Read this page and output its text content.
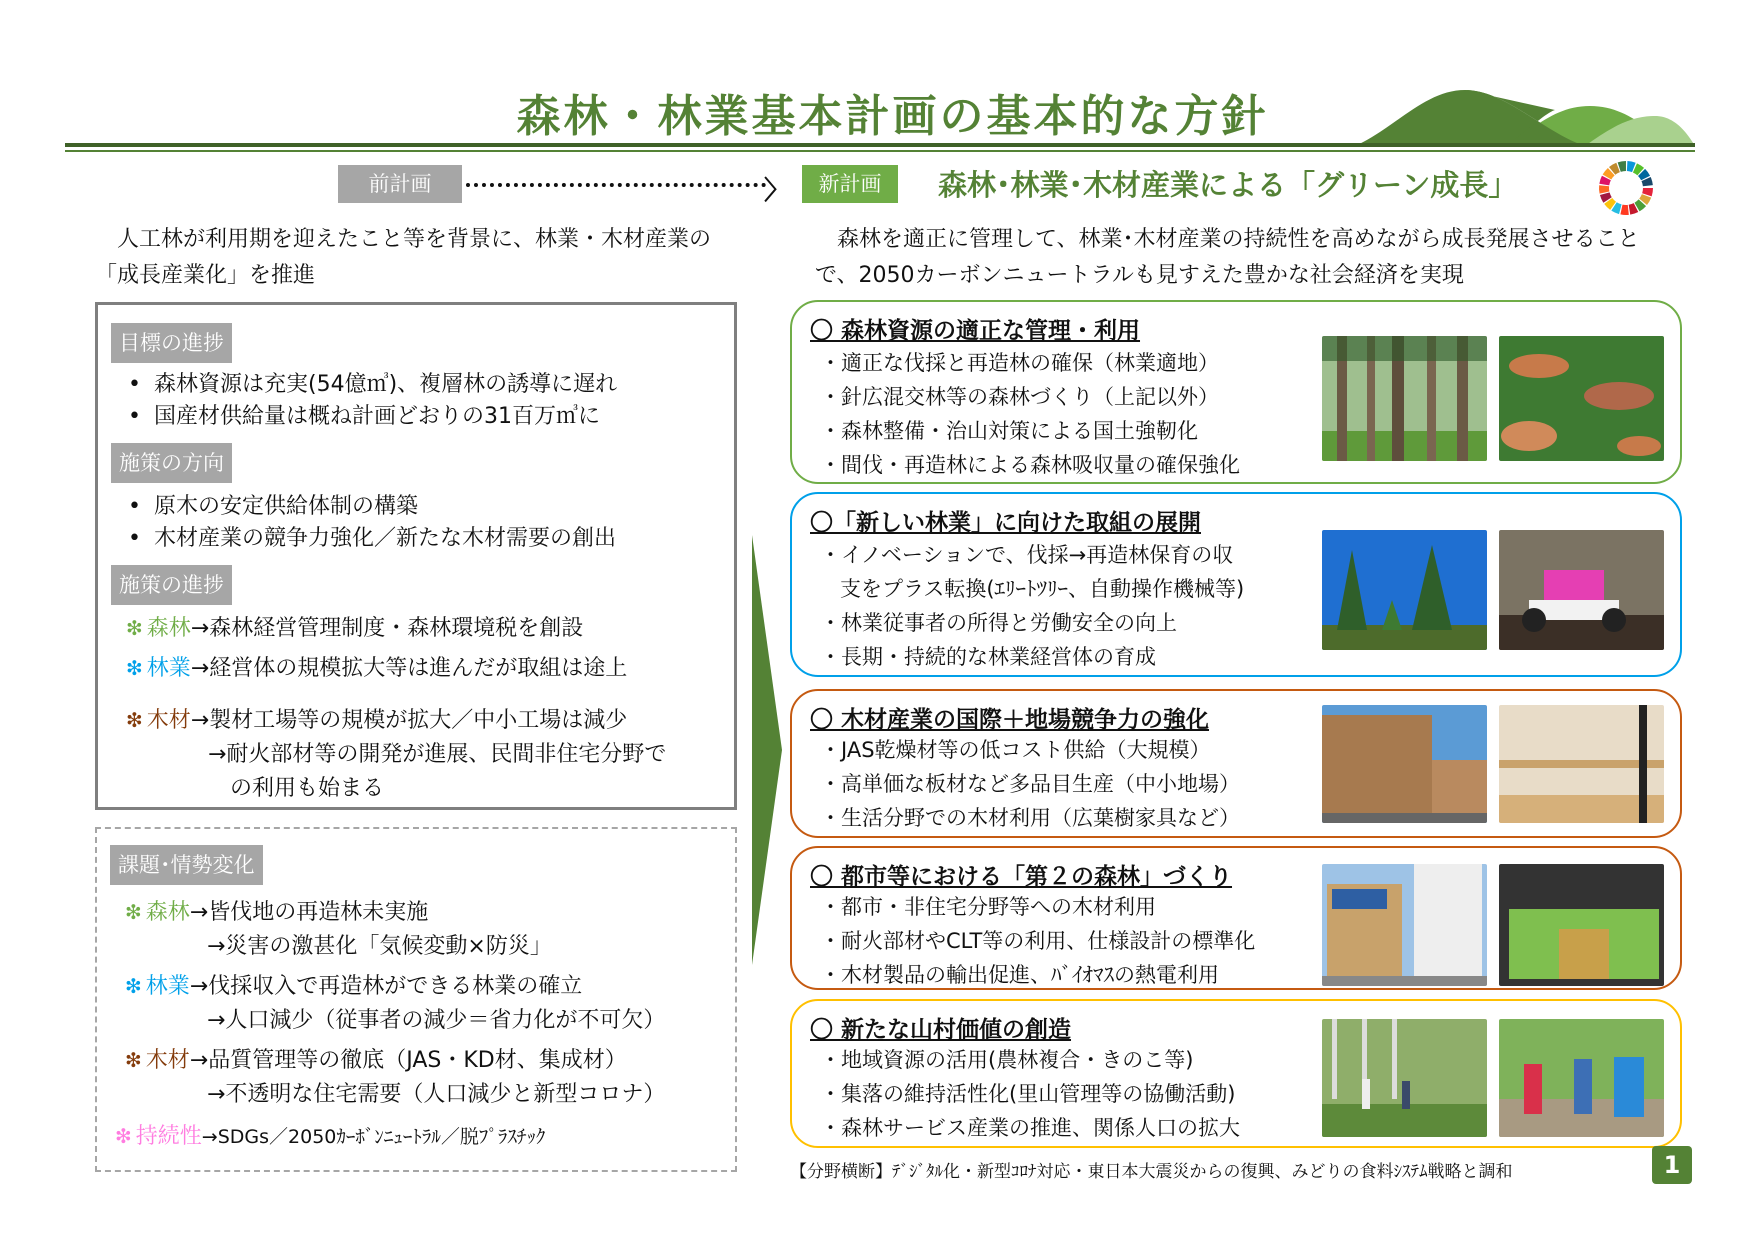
森林・林業基本計画の基本的な方針
前計画	〉	新計画	森林･林業･木材産業による「グリーン成長」
人工林が利用期を迎えたこと等を背景に、林業・木材産業の「成長産業化」を推進
森林を適正に管理して、林業･木材産業の持続性を高めながら成長発展させることで、2050カーボンニュートラルも見すえた豊かな社会経済を実現
目標の進捗
• 森林資源は充実(54億㎥)、複層林の誘導に遅れ
• 国産材供給量は概ね計画どおりの31百万㎥に
施策の方向
• 原木の安定供給体制の構築
• 木材産業の競争力強化／新たな木材需要の創出
施策の進捗
❇ 森林→森林経営管理制度・森林環境税を創設
❇ 林業→経営体の規模拡大等は進んだが取組は途上
❇ 木材→製材工場等の規模が拡大／中小工場は減少
→耐火部材等の開発が進展、民間非住宅分野で
　の利用も始まる
課題･情勢変化
❇ 森林→皆伐地の再造林未実施
→災害の激甚化「気候変動×防災」
❇ 林業→伐採収入で再造林ができる林業の確立
→人口減少（従事者の減少＝省力化が不可欠）
❇ 木材→品質管理等の徹底（JAS・KD材、集成材）
→不透明な住宅需要（人口減少と新型コロナ）
❇ 持続性→SDGs／2050ｶｰﾎﾞﾝﾆｭｰﾄﾗﾙ／脱ﾌﾟﾗｽﾁｯｸ
〇 森林資源の適正な管理・利用
・適正な伐採と再造林の確保（林業適地）
・針広混交林等の森林づくり（上記以外）
・森林整備・治山対策による国土強靭化
・間伐・再造林による森林吸収量の確保強化
〇「新しい林業」に向けた取組の展開
・イノベーションで、伐採→再造林保育の収
支をプラス転換(ｴﾘｰﾄﾂﾘｰ、自動操作機械等)
・林業従事者の所得と労働安全の向上
・長期・持続的な林業経営体の育成
〇 木材産業の国際＋地場競争力の強化
・JAS乾燥材等の低コスト供給（大規模）
・高単価な板材など多品目生産（中小地場）
・生活分野での木材利用（広葉樹家具など）
〇 都市等における「第２の森林」づくり
・都市・非住宅分野等への木材利用
・耐火部材やCLT等の利用、仕様設計の標準化
・木材製品の輸出促進、ﾊﾞｲｵﾏｽの熱電利用
〇 新たな山村価値の創造
・地域資源の活用(農林複合・きのこ等)
・集落の維持活性化(里山管理等の協働活動)
・森林サービス産業の推進、関係人口の拡大
【分野横断】ﾃﾞｼﾞﾀﾙ化・新型ｺﾛﾅ対応・東日本大震災からの復興、みどりの食料ｼｽﾃﾑ戦略と調和	1
